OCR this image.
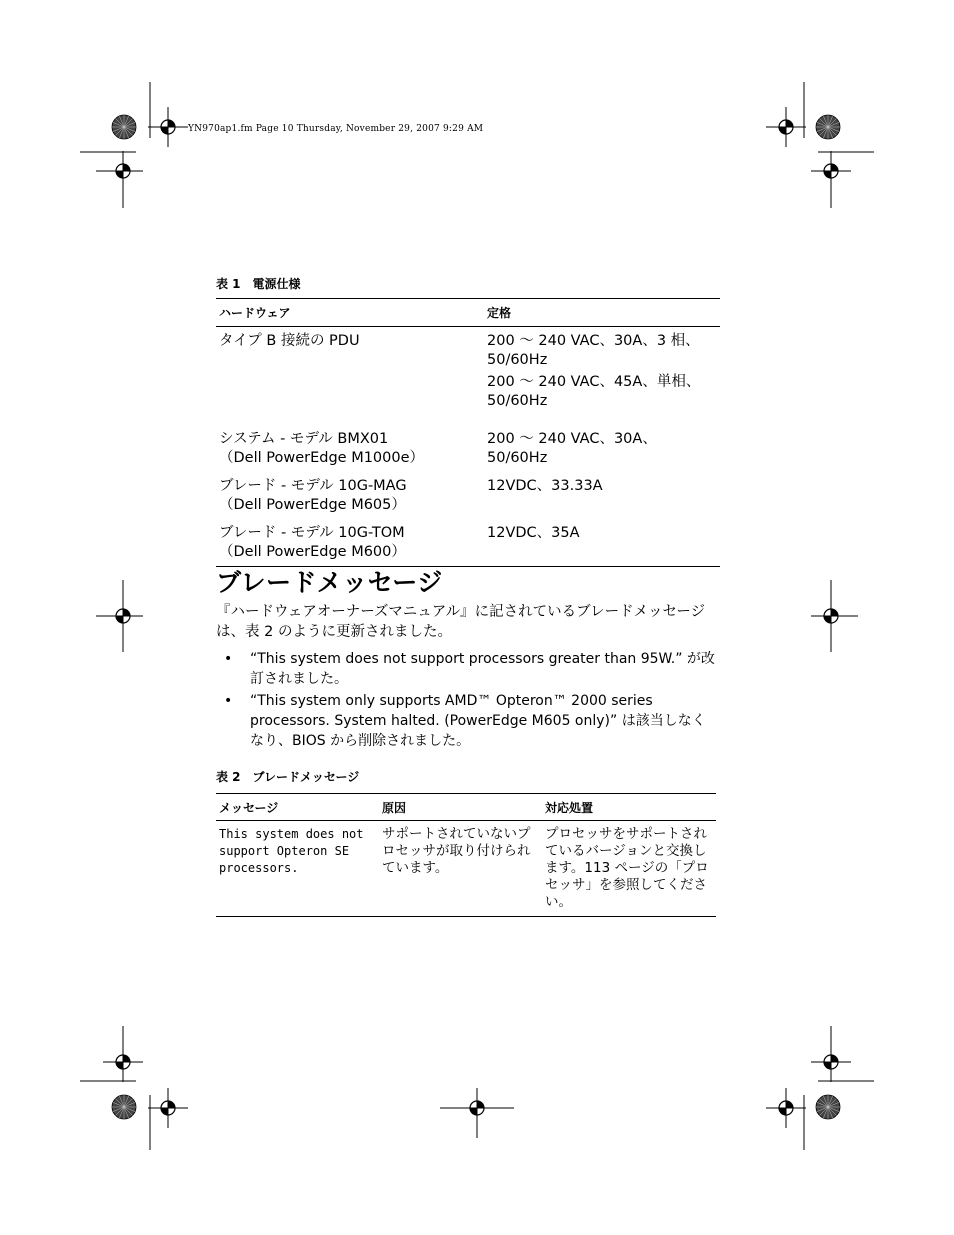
YN970ap1.fm Page 10 Thursday, November 29, 2007 9:29 AM
表 1 電源仕様
ハードウェア	定格

タイプ B 接続の PDU	200 ～ 240 VAC、30A、3 相、50/60Hz
200 ～ 240 VAC、45A、単相、50/60Hz

システム - モデル BMX01
（Dell PowerEdge M1000e）	200 ～ 240 VAC、30A、50/60Hz

ブレード - モデル 10G-MAG
（Dell PowerEdge M605）	12VDC、33.33A

ブレード - モデル 10G-TOM
（Dell PowerEdge M600）	12VDC、35A
ブレードメッセージ
『ハードウェアオーナーズマニュアル』に記されているブレードメッセージは、表 2 のように更新されました。
• “This system does not support processors greater than 95W.” が改訂されました。
• “This system only supports AMD™ Opteron™ 2000 series processors. System halted. (PowerEdge M605 only)” は該当しなくなり、BIOS から削除されました。
表 2 ブレードメッセージ
メッセージ	原因	対応処置
This system does not support Opteron SE processors.	サポートされていないプロセッサが取り付けられています。	プロセッサをサポートされているバージョンと交換します。113 ページの「プロセッサ」を参照してください。
